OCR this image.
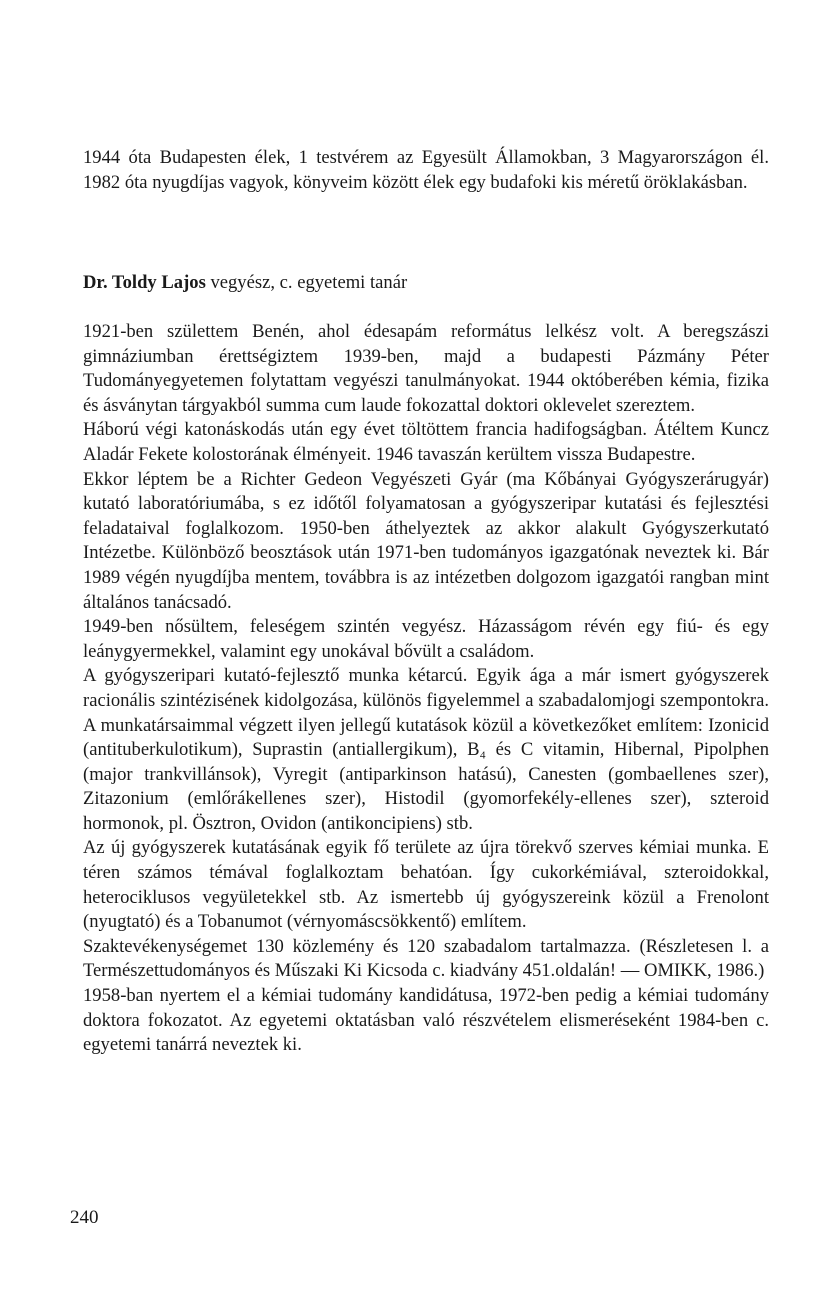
1944 óta Budapesten élek, 1 testvérem az Egyesült Államokban, 3 Magyarországon él. 1982 óta nyugdíjas vagyok, könyveim között élek egy budafoki kis méretű öröklakásban.

Dr. Toldy Lajos vegyész, c. egyetemi tanár

1921-ben születtem Benén, ahol édesapám református lelkész volt. A beregszászi gimnáziumban érettségiztem 1939-ben, majd a budapesti Pázmány Péter Tudományegyetemen folytattam vegyészi tanulmányokat. 1944 októberében kémia, fizika és ásványtan tárgyakból summa cum laude fokozattal doktori oklevelet szereztem.

Háború végi katonáskodás után egy évet töltöttem francia hadifogságban. Átéltem Kuncz Aladár Fekete kolostorának élményeit. 1946 tavaszán kerültem vissza Budapestre.

Ekkor léptem be a Richter Gedeon Vegyészeti Gyár (ma Kőbányai Gyógyszerárugyár) kutató laboratóriumába, s ez időtől folyamatosan a gyógyszeripar kutatási és fejlesztési feladataival foglalkozom. 1950-ben áthelyeztek az akkor alakult Gyógyszerkutató Intézetbe. Különböző beosztások után 1971-ben tudományos igazgatónak neveztek ki. Bár 1989 végén nyugdíjba mentem, továbbra is az intézetben dolgozom igazgatói rangban mint általános tanácsadó.

1949-ben nősültem, feleségem szintén vegyész. Házasságom révén egy fiú- és egy leánygyermekkel, valamint egy unokával bővült a családom.

A gyógyszeripari kutató-fejlesztő munka kétarcú. Egyik ága a már ismert gyógyszerek racionális szintézisének kidolgozása, különös figyelemmel a szabadalomjogi szempontokra. A munkatársaimmal végzett ilyen jellegű kutatások közül a következőket említem: Izonicid (antituberkulotikum), Suprastin (antiallergikum), B₄ és C vitamin, Hibernal, Pipolphen (major trankvillánsok), Vyregit (antiparkinson hatású), Canesten (gombaellenes szer), Zitazonium (emlőrákellenes szer), Histodil (gyomorfekély-ellenes szer), szteroid hormonok, pl. Ösztron, Ovidon (antikoncipiens) stb.

Az új gyógyszerek kutatásának egyik fő területe az újra törekvő szerves kémiai munka. E téren számos témával foglalkoztam behatóan. Így cukorkémiával, szteroidokkal, heterociklusos vegyületekkel stb. Az ismertebb új gyógyszereink közül a Frenolont (nyugtató) és a Tobanumot (vérnyomáscsökkentő) említem.

Szaktevékenységemet 130 közlemény és 120 szabadalom tartalmazza. (Részletesen l. a Természettudományos és Műszaki Ki Kicsoda c. kiadvány 451.oldalán! — OMIKK, 1986.)

1958-ban nyertem el a kémiai tudomány kandidátusa, 1972-ben pedig a kémiai tudomány doktora fokozatot. Az egyetemi oktatásban való részvételem elismeréseként 1984-ben c. egyetemi tanárrá neveztek ki.

240
